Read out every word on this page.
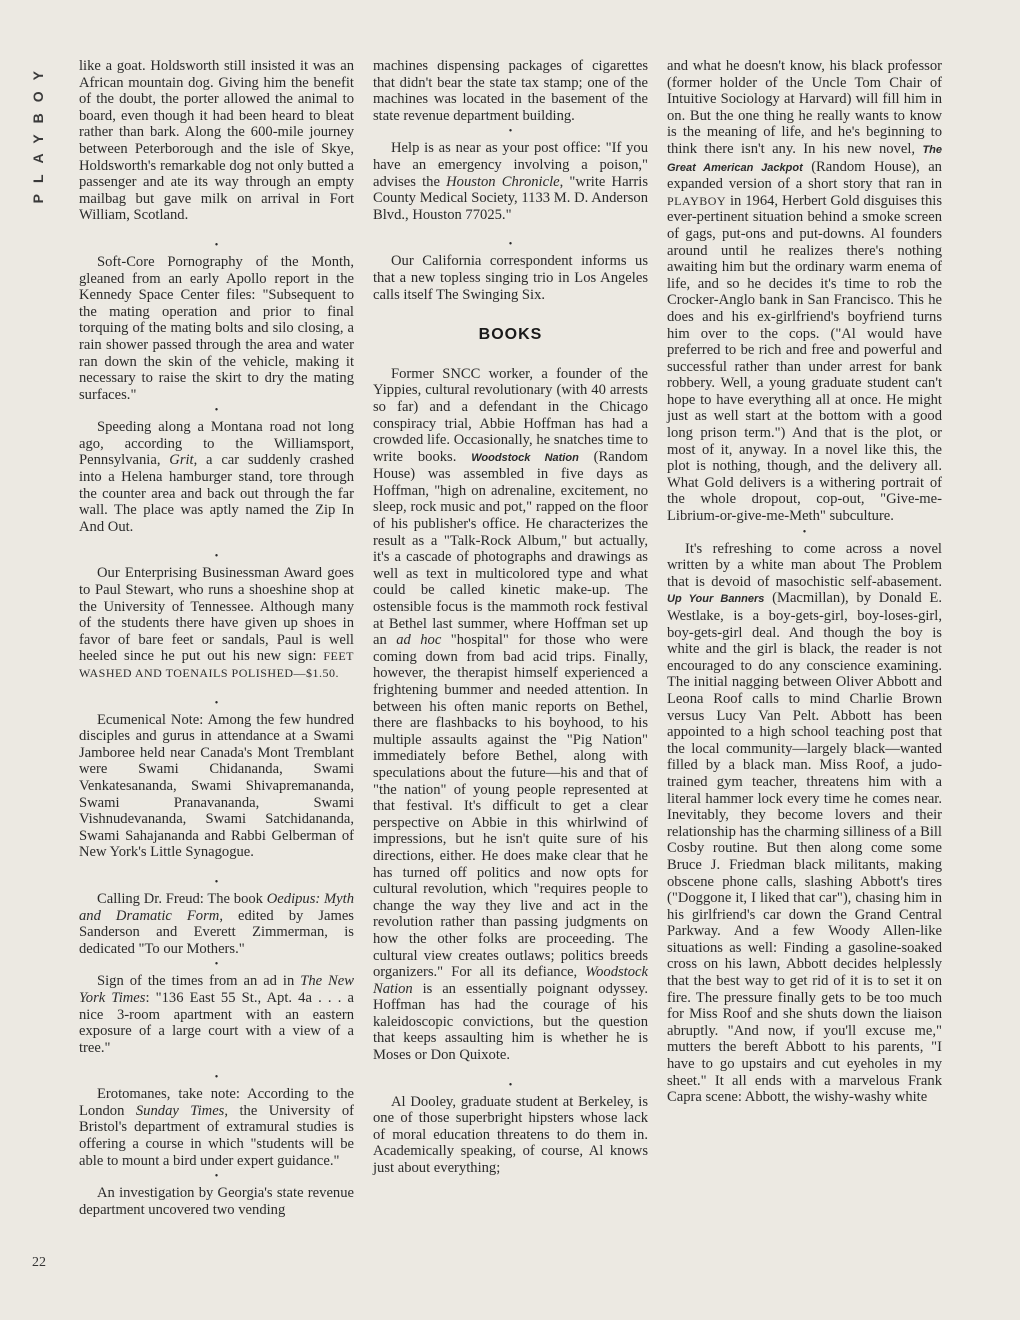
PLAYBOY
22

like a goat. Holdsworth still insisted it was an African mountain dog. Giving him the benefit of the doubt, the porter allowed the animal to board, even though it had been heard to bleat rather than bark. Along the 600-mile journey between Peterborough and the isle of Skye, Holdsworth's remarkable dog not only butted a passenger and ate its way through an empty mailbag but gave milk on arrival in Fort William, Scotland.

•

Soft-Core Pornography of the Month, gleaned from an early Apollo report in the Kennedy Space Center files: "Subsequent to the mating operation and prior to final torquing of the mating bolts and silo closing, a rain shower passed through the area and water ran down the skin of the vehicle, making it necessary to raise the skirt to dry the mating surfaces."

•

Speeding along a Montana road not long ago, according to the Williamsport, Pennsylvania, Grit, a car suddenly crashed into a Helena hamburger stand, tore through the counter area and back out through the far wall. The place was aptly named the Zip In And Out.

•

Our Enterprising Businessman Award goes to Paul Stewart, who runs a shoeshine shop at the University of Tennessee. Although many of the students there have given up shoes in favor of bare feet or sandals, Paul is well heeled since he put out his new sign: FEET WASHED AND TOENAILS POLISHED—$1.50.

•

Ecumenical Note: Among the few hundred disciples and gurus in attendance at a Swami Jamboree held near Canada's Mont Tremblant were Swami Chidananda, Swami Venkatesananda, Swami Shivapremananda, Swami Pranavananda, Swami Vishnudevananda, Swami Satchidananda, Swami Sahajananda and Rabbi Gelberman of New York's Little Synagogue.

•

Calling Dr. Freud: The book Oedipus: Myth and Dramatic Form, edited by James Sanderson and Everett Zimmerman, is dedicated "To our Mothers."

•

Sign of the times from an ad in The New York Times: "136 East 55 St., Apt. 4a . . . a nice 3-room apartment with an eastern exposure of a large court with a view of a tree."

•

Erotomanes, take note: According to the London Sunday Times, the University of Bristol's department of extramural studies is offering a course in which "students will be able to mount a bird under expert guidance."

•

An investigation by Georgia's state revenue department uncovered two vending

machines dispensing packages of cigarettes that didn't bear the state tax stamp; one of the machines was located in the basement of the state revenue department building.

•

Help is as near as your post office: "If you have an emergency involving a poison," advises the Houston Chronicle, "write Harris County Medical Society, 1133 M. D. Anderson Blvd., Houston 77025."

•

Our California correspondent informs us that a new topless singing trio in Los Angeles calls itself The Swinging Six.

BOOKS

Former SNCC worker, a founder of the Yippies, cultural revolutionary (with 40 arrests so far) and a defendant in the Chicago conspiracy trial, Abbie Hoffman has had a crowded life. Occasionally, he snatches time to write books. Woodstock Nation (Random House) was assembled in five days as Hoffman, "high on adrenaline, excitement, no sleep, rock music and pot," rapped on the floor of his publisher's office. He characterizes the result as a "Talk-Rock Album," but actually, it's a cascade of photographs and drawings as well as text in multicolored type and what could be called kinetic make-up. The ostensible focus is the mammoth rock festival at Bethel last summer, where Hoffman set up an ad hoc "hospital" for those who were coming down from bad acid trips. Finally, however, the therapist himself experienced a frightening bummer and needed attention. In between his often manic reports on Bethel, there are flashbacks to his boyhood, to his multiple assaults against the "Pig Nation" immediately before Bethel, along with speculations about the future—his and that of "the nation" of young people represented at that festival. It's difficult to get a clear perspective on Abbie in this whirlwind of impressions, but he isn't quite sure of his directions, either. He does make clear that he has turned off politics and now opts for cultural revolution, which "requires people to change the way they live and act in the revolution rather than passing judgments on how the other folks are proceeding. The cultural view creates outlaws; politics breeds organizers." For all its defiance, Woodstock Nation is an essentially poignant odyssey. Hoffman has had the courage of his kaleidoscopic convictions, but the question that keeps assaulting him is whether he is Moses or Don Quixote.

•

Al Dooley, graduate student at Berkeley, is one of those superbright hipsters whose lack of moral education threatens to do them in. Academically speaking, of course, Al knows just about everything;

and what he doesn't know, his black professor (former holder of the Uncle Tom Chair of Intuitive Sociology at Harvard) will fill him in on. But the one thing he really wants to know is the meaning of life, and he's beginning to think there isn't any. In his new novel, The Great American Jackpot (Random House), an expanded version of a short story that ran in PLAYBOY in 1964, Herbert Gold disguises this ever-pertinent situation behind a smoke screen of gags, put-ons and put-downs. Al founders around until he realizes there's nothing awaiting him but the ordinary warm enema of life, and so he decides it's time to rob the Crocker-Anglo bank in San Francisco. This he does and his ex-girlfriend's boyfriend turns him over to the cops. ("Al would have preferred to be rich and free and powerful and successful rather than under arrest for bank robbery. Well, a young graduate student can't hope to have everything all at once. He might just as well start at the bottom with a good long prison term.") And that is the plot, or most of it, anyway. In a novel like this, the plot is nothing, though, and the delivery all. What Gold delivers is a withering portrait of the whole dropout, cop-out, "Give-me-Librium-or-give-me-Meth" subculture.

•

It's refreshing to come across a novel written by a white man about The Problem that is devoid of masochistic self-abasement. Up Your Banners (Macmillan), by Donald E. Westlake, is a boy-gets-girl, boy-loses-girl, boy-gets-girl deal. And though the boy is white and the girl is black, the reader is not encouraged to do any conscience examining. The initial nagging between Oliver Abbott and Leona Roof calls to mind Charlie Brown versus Lucy Van Pelt. Abbott has been appointed to a high school teaching post that the local community—largely black—wanted filled by a black man. Miss Roof, a judo-trained gym teacher, threatens him with a literal hammer lock every time he comes near. Inevitably, they become lovers and their relationship has the charming silliness of a Bill Cosby routine. But then along come some Bruce J. Friedman black militants, making obscene phone calls, slashing Abbott's tires ("Doggone it, I liked that car"), chasing him in his girlfriend's car down the Grand Central Parkway. And a few Woody Allen-like situations as well: Finding a gasoline-soaked cross on his lawn, Abbott decides helplessly that the best way to get rid of it is to set it on fire. The pressure finally gets to be too much for Miss Roof and she shuts down the liaison abruptly. "And now, if you'll excuse me," mutters the bereft Abbott to his parents, "I have to go upstairs and cut eyeholes in my sheet." It all ends with a marvelous Frank Capra scene: Abbott, the wishy-washy white
